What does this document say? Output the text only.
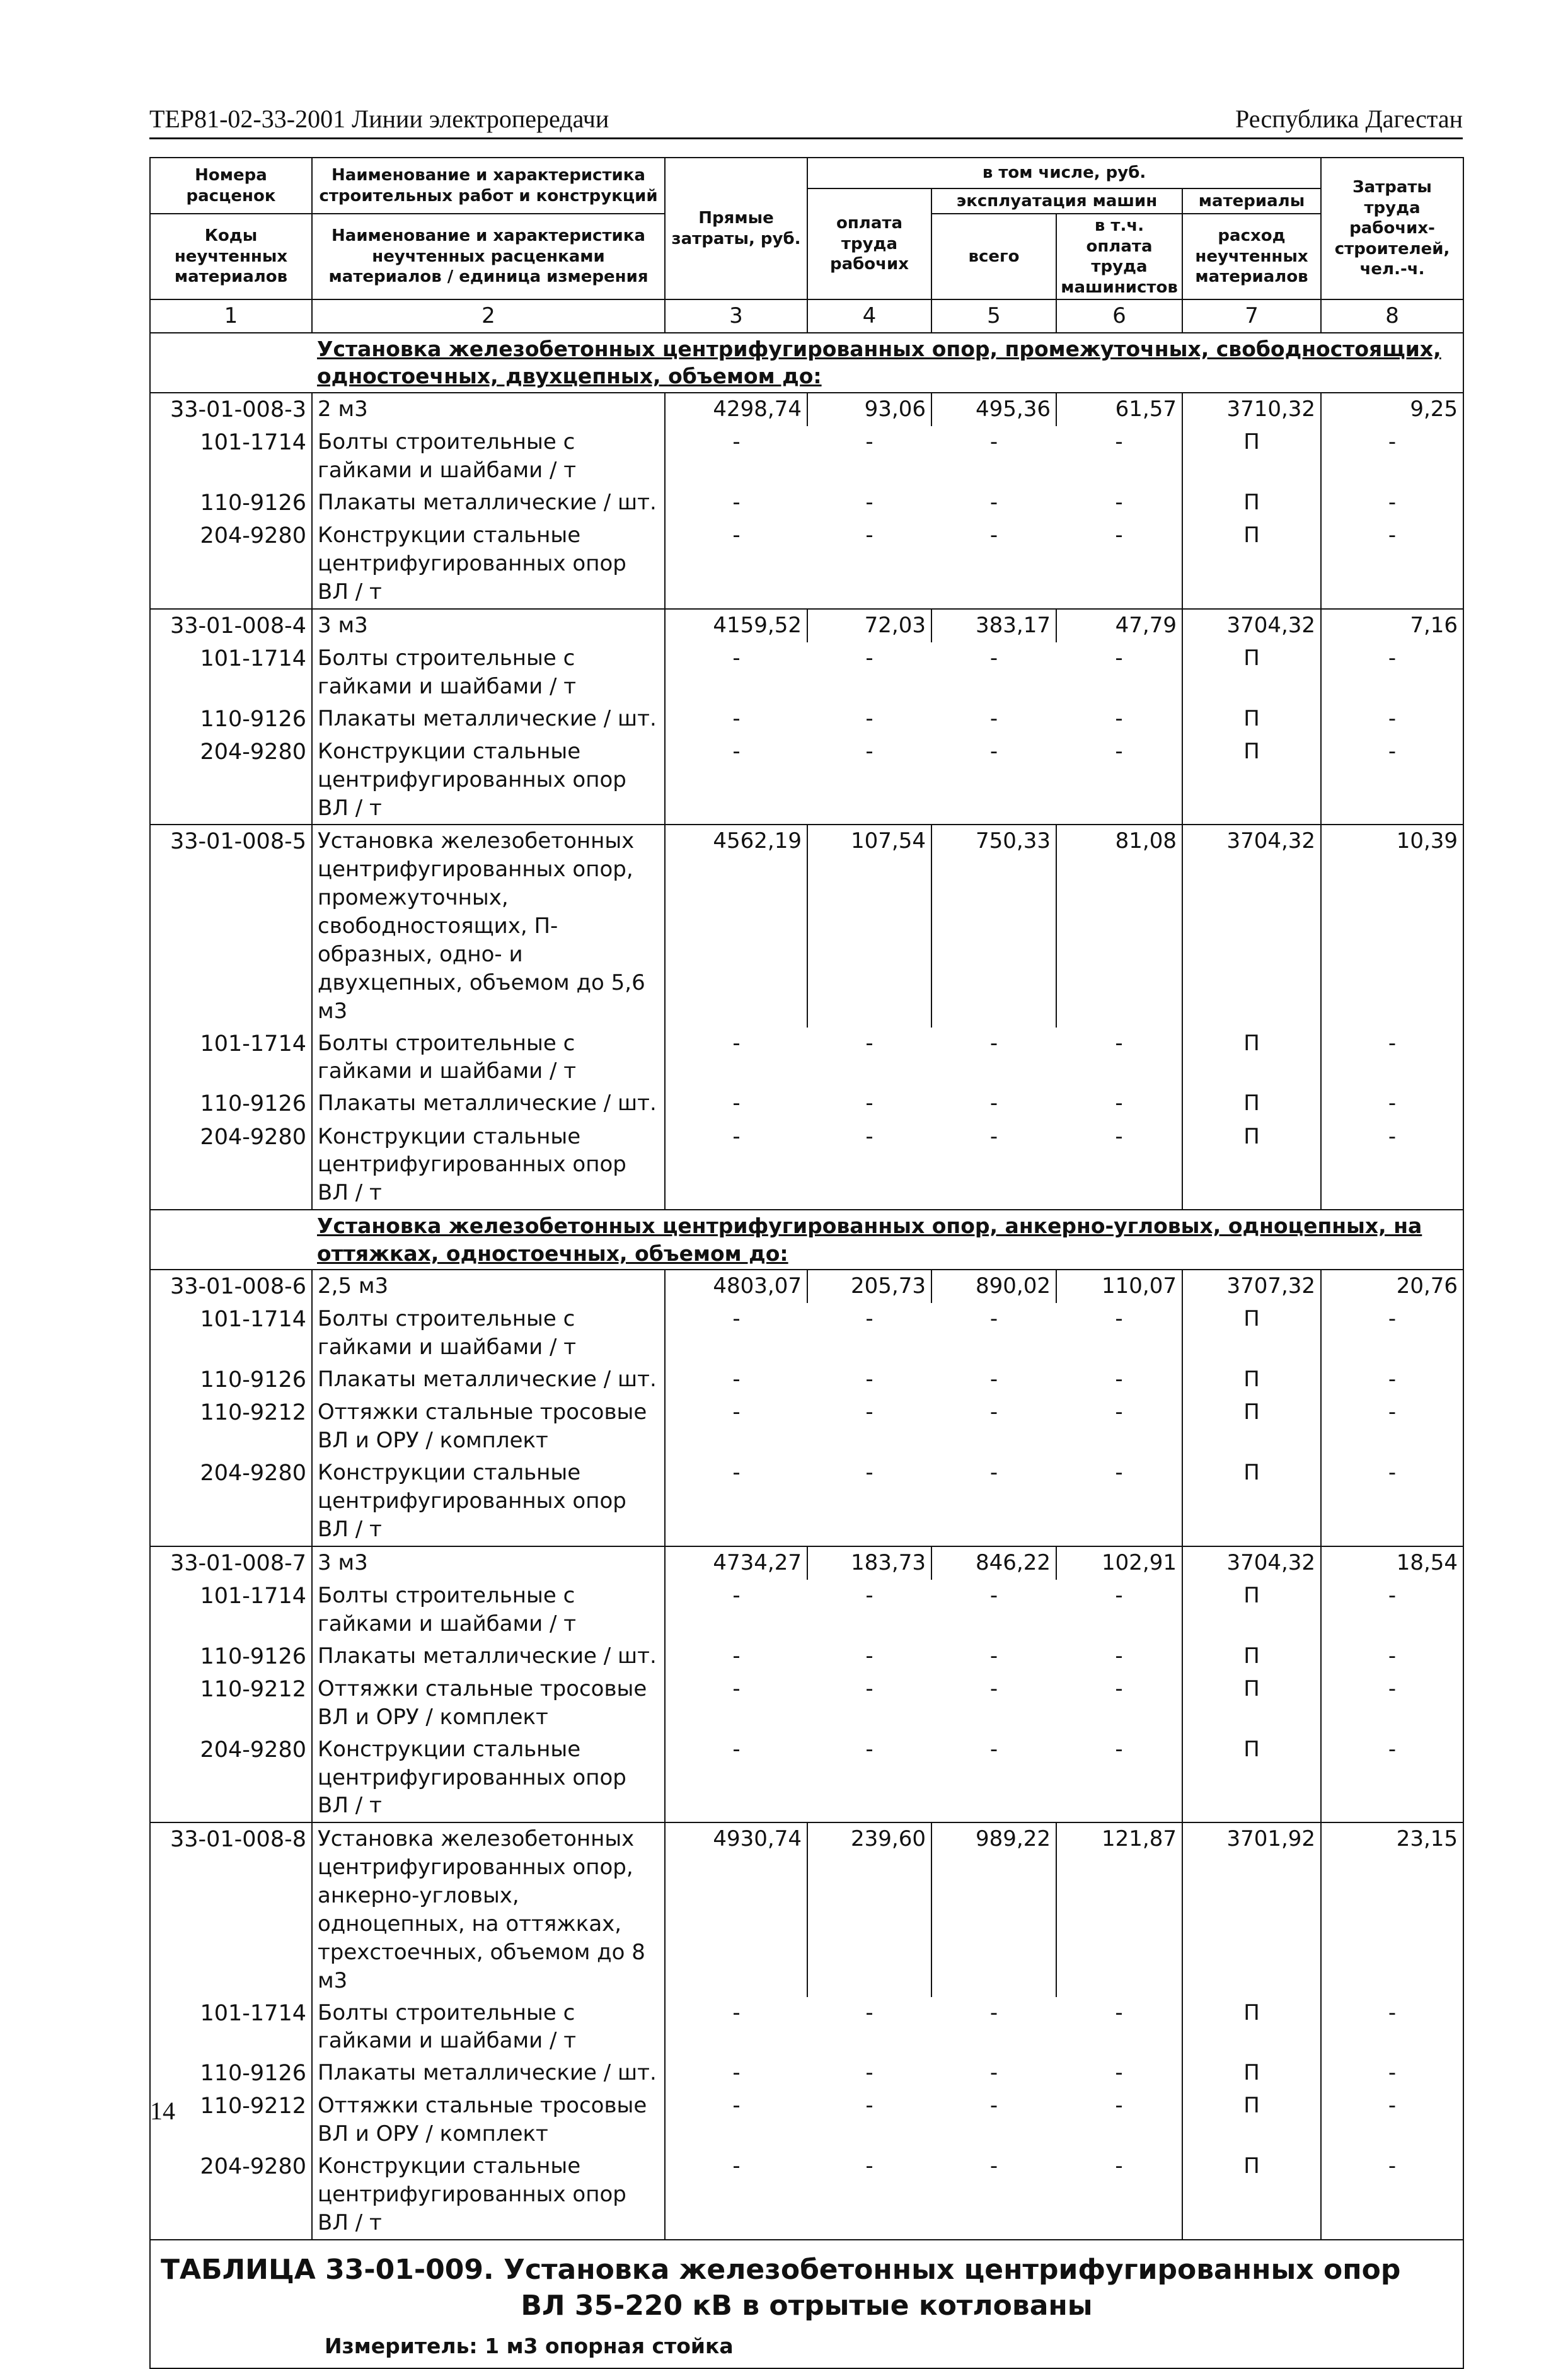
ТЕР81-02-33-2001 Линии электропередачи	Республика Дагестан
Номера расценок	Наименование и характеристика строительных работ и конструкций	Прямые затраты, руб.	в том числе, руб.				Затраты труда рабочих-строителей, чел.-ч.
			оплата труда рабочих	эксплуатация машин		материалы	
Коды неучтенных материалов	Наименование и характеристика неучтенных расценками материалов / единица измерения			всего	в т.ч. оплата труда машинистов	расход неучтенных материалов	

1	2	3	4	5	6	7	8
	Установка железобетонных центрифугированных опор, промежуточных, свободностоящих, одностоечных, двухцепных, объемом до:						
33-01-008-3	2 м3	4298,74	93,06	495,36	61,57	3710,32	9,25
101-1714	Болты строительные с гайками и шайбами / т	-	-	-	-	П	-
110-9126	Плакаты металлические / шт.	-	-	-	-	П	-
204-9280	Конструкции стальные центрифугированных опор ВЛ / т	-	-	-	-	П	-
33-01-008-4	3 м3	4159,52	72,03	383,17	47,79	3704,32	7,16
101-1714	Болты строительные с гайками и шайбами / т	-	-	-	-	П	-
110-9126	Плакаты металлические / шт.	-	-	-	-	П	-
204-9280	Конструкции стальные центрифугированных опор ВЛ / т	-	-	-	-	П	-
33-01-008-5	Установка железобетонных центрифугированных опор, промежуточных, свободностоящих, П-образных, одно- и двухцепных, объемом до 5,6 м3	4562,19	107,54	750,33	81,08	3704,32	10,39
101-1714	Болты строительные с гайками и шайбами / т	-	-	-	-	П	-
110-9126	Плакаты металлические / шт.	-	-	-	-	П	-
204-9280	Конструкции стальные центрифугированных опор ВЛ / т	-	-	-	-	П	-
	Установка железобетонных центрифугированных опор, анкерно-угловых, одноцепных, на оттяжках, одностоечных, объемом до:						
33-01-008-6	2,5 м3	4803,07	205,73	890,02	110,07	3707,32	20,76
101-1714	Болты строительные с гайками и шайбами / т	-	-	-	-	П	-
110-9126	Плакаты металлические / шт.	-	-	-	-	П	-
110-9212	Оттяжки стальные тросовые ВЛ и ОРУ / комплект	-	-	-	-	П	-
204-9280	Конструкции стальные центрифугированных опор ВЛ / т	-	-	-	-	П	-
33-01-008-7	3 м3	4734,27	183,73	846,22	102,91	3704,32	18,54
101-1714	Болты строительные с гайками и шайбами / т	-	-	-	-	П	-
110-9126	Плакаты металлические / шт.	-	-	-	-	П	-
110-9212	Оттяжки стальные тросовые ВЛ и ОРУ / комплект	-	-	-	-	П	-
204-9280	Конструкции стальные центрифугированных опор ВЛ / т	-	-	-	-	П	-
33-01-008-8	Установка железобетонных центрифугированных опор, анкерно-угловых, одноцепных, на оттяжках, трехстоечных, объемом до 8 м3	4930,74	239,60	989,22	121,87	3701,92	23,15
101-1714	Болты строительные с гайками и шайбами / т	-	-	-	-	П	-
110-9126	Плакаты металлические / шт.	-	-	-	-	П	-
110-9212	Оттяжки стальные тросовые ВЛ и ОРУ / комплект	-	-	-	-	П	-
204-9280	Конструкции стальные центрифугированных опор ВЛ / т	-	-	-	-	П	-

ТАБЛИЦА 33-01-009. Установка железобетонных центрифугированных опор
ВЛ 35-220 кВ в отрытые котлованы
Измеритель: 1 м3 опорная стойка							
14
